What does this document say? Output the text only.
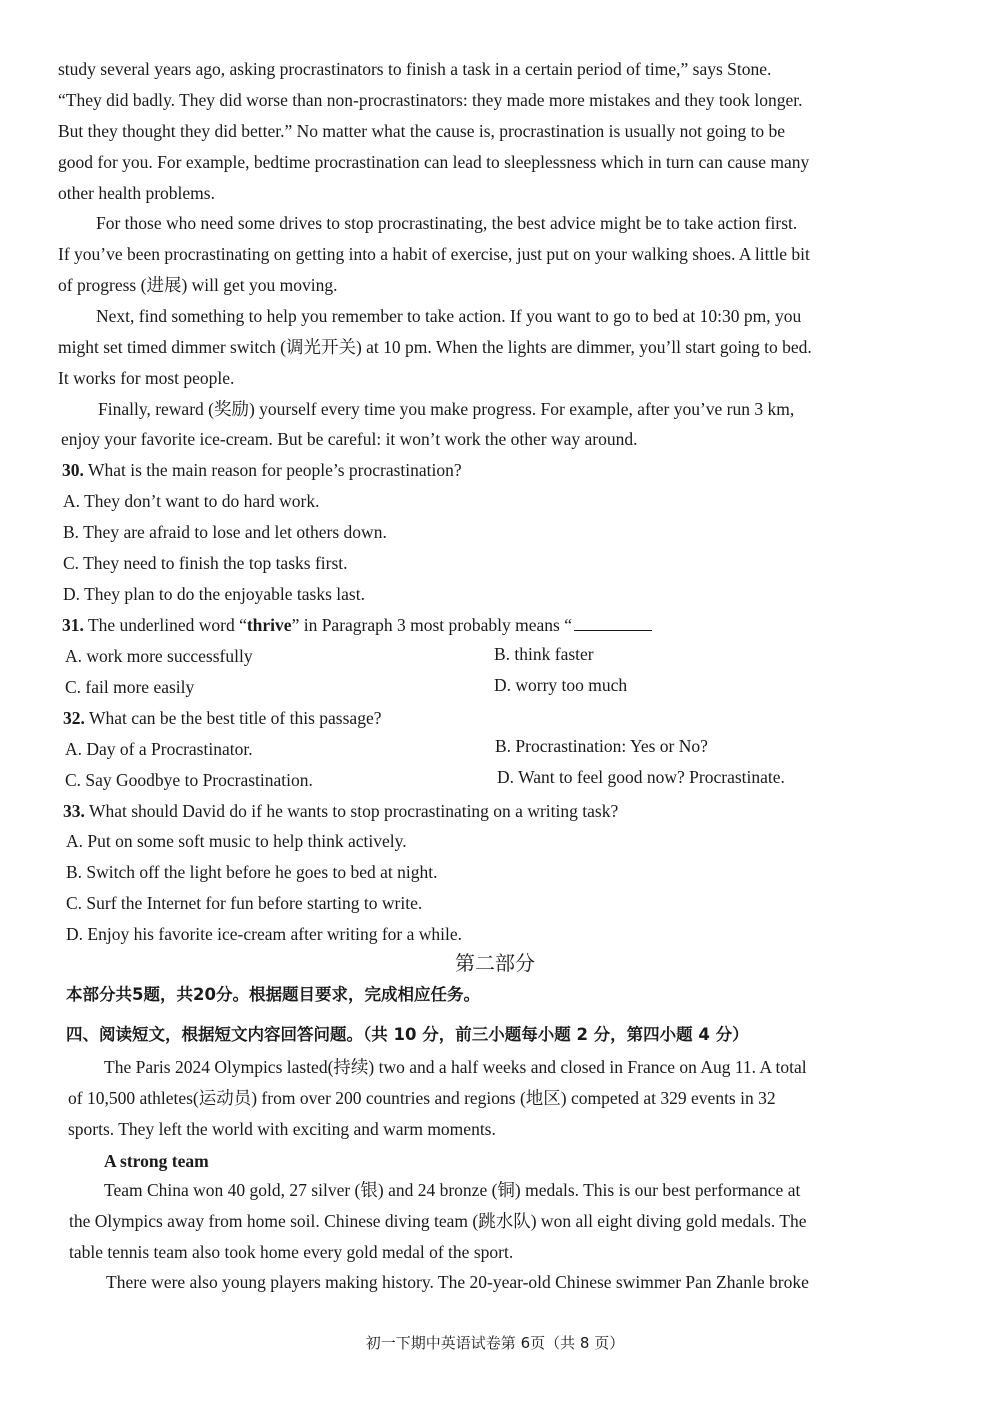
study several years ago, asking procrastinators to finish a task in a certain period of time,” says Stone.
“They did badly. They did worse than non-procrastinators: they made more mistakes and they took longer.
But they thought they did better.” No matter what the cause is, procrastination is usually not going to be
good for you. For example, bedtime procrastination can lead to sleeplessness which in turn can cause many
other health problems.
For those who need some drives to stop procrastinating, the best advice might be to take action first.
If you’ve been procrastinating on getting into a habit of exercise, just put on your walking shoes. A little bit
of progress (进展) will get you moving.
Next, find something to help you remember to take action. If you want to go to bed at 10:30 pm, you
might set timed dimmer switch (调光开关) at 10 pm. When the lights are dimmer, you’ll start going to bed.
It works for most people.
Finally, reward (奖励) yourself every time you make progress. For example, after you’ve run 3 km,
enjoy your favorite ice-cream. But be careful: it won’t work the other way around.
30. What is the main reason for people’s procrastination?
A. They don’t want to do hard work.
B. They are afraid to lose and let others down.
C. They need to finish the top tasks first.
D. They plan to do the enjoyable tasks last.
31. The underlined word “thrive” in Paragraph 3 most probably means “
A. work more successfully	B. think faster
C. fail more easily	D. worry too much
32. What can be the best title of this passage?
A. Day of a Procrastinator.	B. Procrastination: Yes or No?
C. Say Goodbye to Procrastination.	D. Want to feel good now? Procrastinate.
33. What should David do if he wants to stop procrastinating on a writing task?
A. Put on some soft music to help think actively.
B. Switch off the light before he goes to bed at night.
C. Surf the Internet for fun before starting to write.
D. Enjoy his favorite ice-cream after writing for a while.
第二部分
本部分共5题，共20分。根据题目要求，完成相应任务。
四、阅读短文，根据短文内容回答问题。（共 10 分，前三小题每小题 2 分，第四小题 4 分）
The Paris 2024 Olympics lasted(持续) two and a half weeks and closed in France on Aug 11. A total
of 10,500 athletes(运动员) from over 200 countries and regions (地区) competed at 329 events in 32
sports. They left the world with exciting and warm moments.
A strong team
Team China won 40 gold, 27 silver (银) and 24 bronze (铜) medals. This is our best performance at
the Olympics away from home soil. Chinese diving team (跳水队) won all eight diving gold medals. The
table tennis team also took home every gold medal of the sport.
There were also young players making history. The 20-year-old Chinese swimmer Pan Zhanle broke
初一下期中英语试卷第 6页（共 8 页）
